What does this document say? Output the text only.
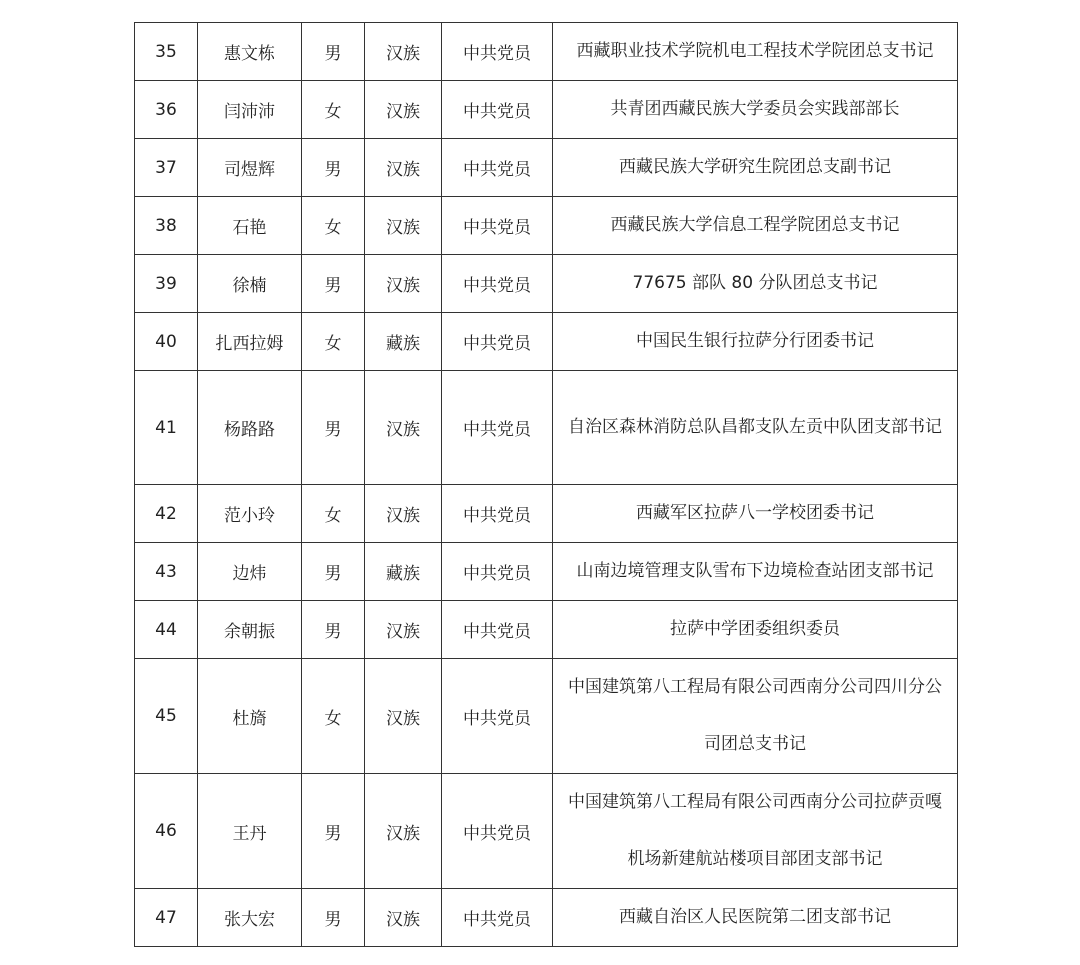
35	惠文栋	男	汉族	中共党员	西藏职业技术学院机电工程技术学院团总支书记
36	闫沛沛	女	汉族	中共党员	共青团西藏民族大学委员会实践部部长
37	司煜辉	男	汉族	中共党员	西藏民族大学研究生院团总支副书记
38	石艳	女	汉族	中共党员	西藏民族大学信息工程学院团总支书记
39	徐楠	男	汉族	中共党员	77675 部队 80 分队团总支书记
40	扎西拉姆	女	藏族	中共党员	中国民生银行拉萨分行团委书记
41	杨路路	男	汉族	中共党员	自治区森林消防总队昌都支队左贡中队团支部书记
42	范小玲	女	汉族	中共党员	西藏军区拉萨八一学校团委书记
43	边炜	男	藏族	中共党员	山南边境管理支队雪布下边境检查站团支部书记
44	余朝振	男	汉族	中共党员	拉萨中学团委组织委员
45	杜旖	女	汉族	中共党员	中国建筑第八工程局有限公司西南分公司四川分公司团总支书记
46	王丹	男	汉族	中共党员	中国建筑第八工程局有限公司西南分公司拉萨贡嘎机场新建航站楼项目部团支部书记
47	张大宏	男	汉族	中共党员	西藏自治区人民医院第二团支部书记
